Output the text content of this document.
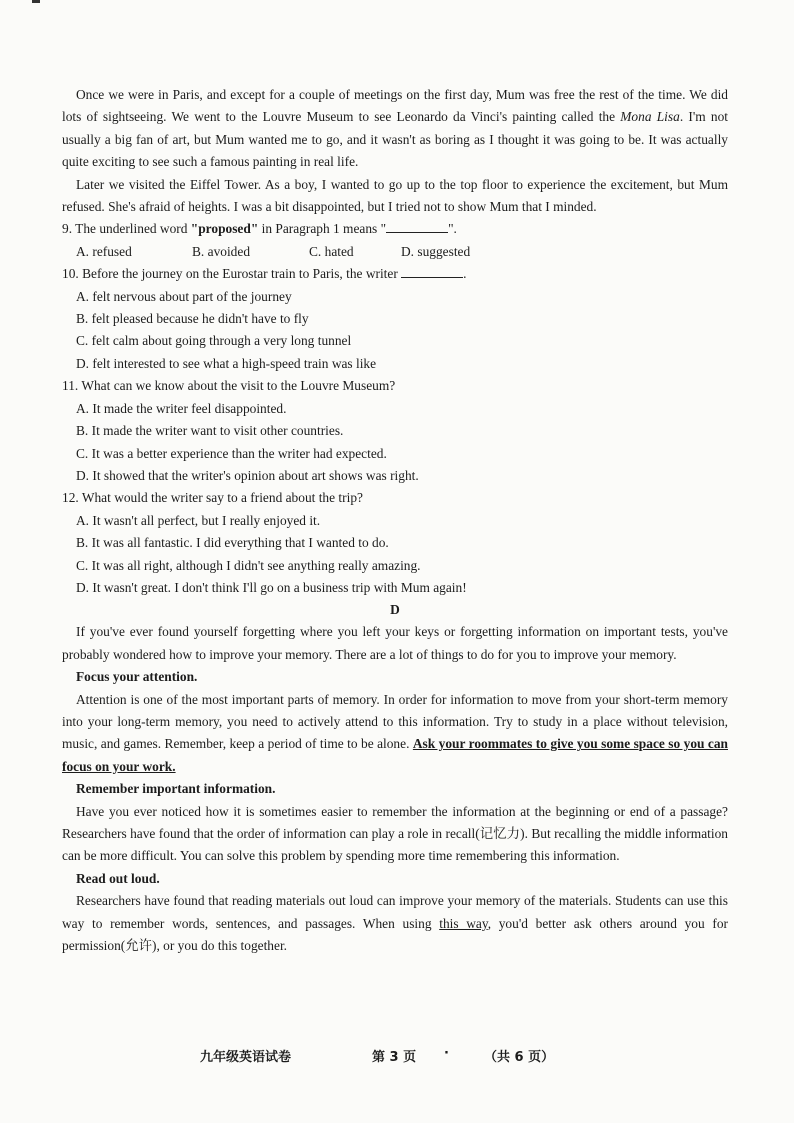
Once we were in Paris, and except for a couple of meetings on the first day, Mum was free the rest of the time. We did lots of sightseeing. We went to the Louvre Museum to see Leonardo da Vinci's painting called the Mona Lisa. I'm not usually a big fan of art, but Mum wanted me to go, and it wasn't as boring as I thought it was going to be. It was actually quite exciting to see such a famous painting in real life.

Later we visited the Eiffel Tower. As a boy, I wanted to go up to the top floor to experience the excitement, but Mum refused. She's afraid of heights. I was a bit disappointed, but I tried not to show Mum that I minded.

9. The underlined word "proposed" in Paragraph 1 means "	".
A. refused	B. avoided	C. hated	D. suggested
10. Before the journey on the Eurostar train to Paris, the writer	.
A. felt nervous about part of the journey
B. felt pleased because he didn't have to fly
C. felt calm about going through a very long tunnel
D. felt interested to see what a high-speed train was like
11. What can we know about the visit to the Louvre Museum?
A. It made the writer feel disappointed.
B. It made the writer want to visit other countries.
C. It was a better experience than the writer had expected.
D. It showed that the writer's opinion about art shows was right.
12. What would the writer say to a friend about the trip?
A. It wasn't all perfect, but I really enjoyed it.
B. It was all fantastic. I did everything that I wanted to do.
C. It was all right, although I didn't see anything really amazing.
D. It wasn't great. I don't think I'll go on a business trip with Mum again!
D

If you've ever found yourself forgetting where you left your keys or forgetting information on important tests, you've probably wondered how to improve your memory. There are a lot of things to do for you to improve your memory.

Focus your attention.

Attention is one of the most important parts of memory. In order for information to move from your short-term memory into your long-term memory, you need to actively attend to this information. Try to study in a place without television, music, and games. Remember, keep a period of time to be alone. Ask your roommates to give you some space so you can focus on your work.

Remember important information.

Have you ever noticed how it is sometimes easier to remember the information at the beginning or end of a passage? Researchers have found that the order of information can play a role in recall(记忆力). But recalling the middle information can be more difficult. You can solve this problem by spending more time remembering this information.

Read out loud.

Researchers have found that reading materials out loud can improve your memory of the materials. Students can use this way to remember words, sentences, and passages. When using this way, you'd better ask others around you for permission(允许), or you do this together.

九年级英语试卷	第 3 页 ·	（共 6 页）
